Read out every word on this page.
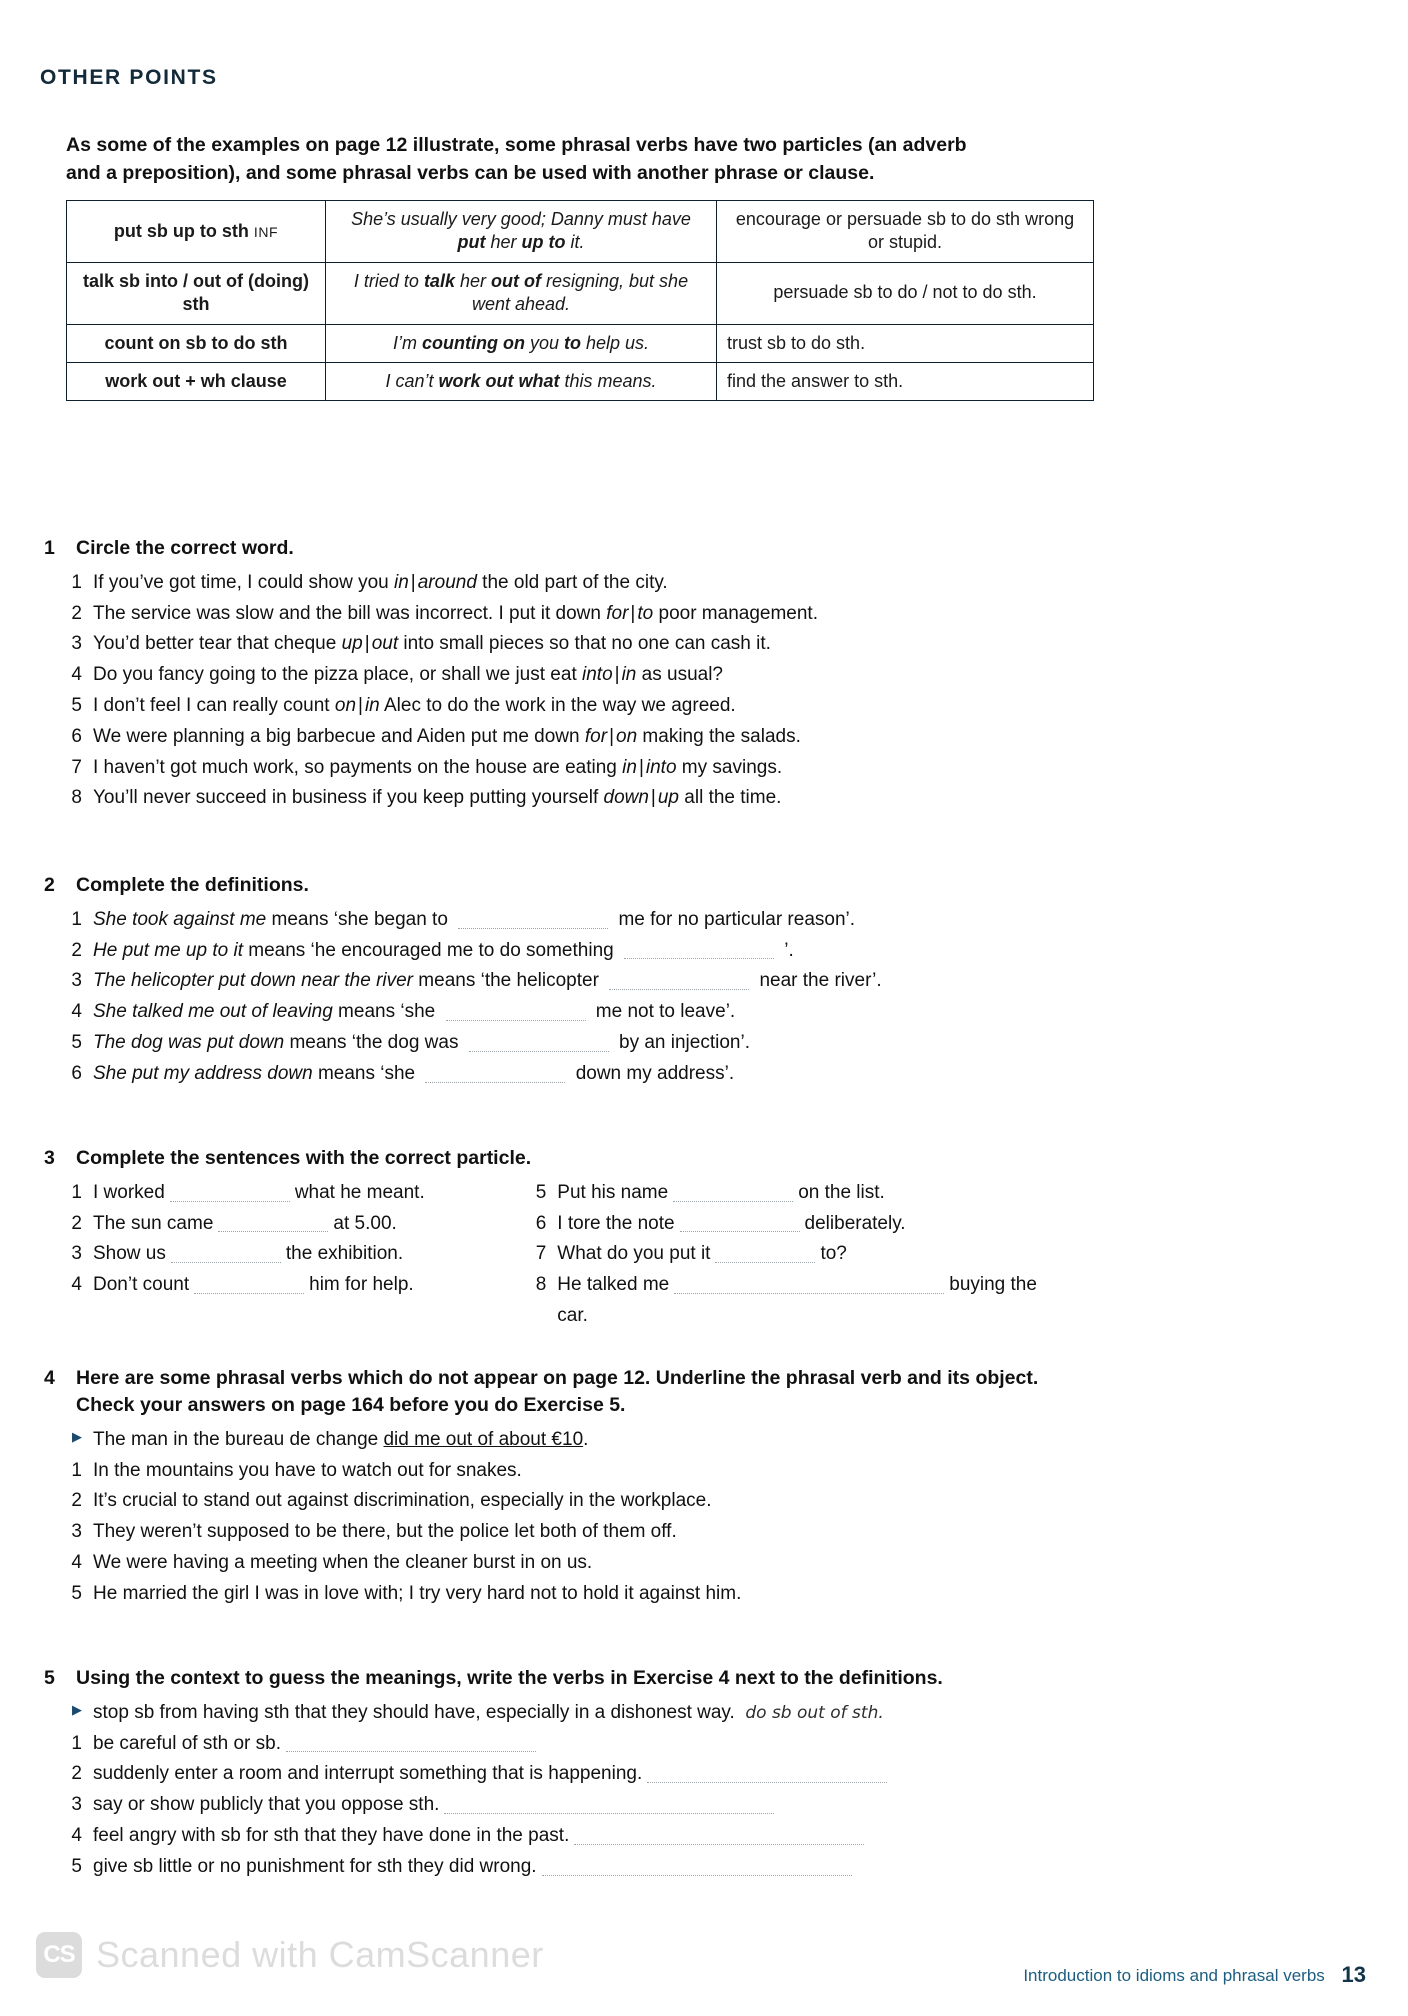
OTHER POINTS
As some of the examples on page 12 illustrate, some phrasal verbs have two particles (an adverb and a preposition), and some phrasal verbs can be used with another phrase or clause.
put sb up to sth INF	She’s usually very good; Danny must have put her up to it.	encourage or persuade sb to do sth wrong or stupid.
talk sb into / out of (doing) sth	I tried to talk her out of resigning, but she went ahead.	persuade sb to do / not to do sth.
count on sb to do sth	I’m counting on you to help us.	trust sb to do sth.
work out + wh clause	I can’t work out what this means.	find the answer to sth.
1	Circle the correct word.
1 If you’ve got time, I could show you in | around the old part of the city.
2 The service was slow and the bill was incorrect. I put it down for | to poor management.
3 You’d better tear that cheque up | out into small pieces so that no one can cash it.
4 Do you fancy going to the pizza place, or shall we just eat into | in as usual?
5 I don’t feel I can really count on | in Alec to do the work in the way we agreed.
6 We were planning a big barbecue and Aiden put me down for | on making the salads.
7 I haven’t got much work, so payments on the house are eating in | into my savings.
8 You’ll never succeed in business if you keep putting yourself down | up all the time.
2	Complete the definitions.
1 She took against me means ‘she began to	me for no particular reason’.
2 He put me up to it means ‘he encouraged me to do something	’.
3 The helicopter put down near the river means ‘the helicopter	near the river’.
4 She talked me out of leaving means ‘she	me not to leave’.
5 The dog was put down means ‘the dog was	by an injection’.
6 She put my address down means ‘she	down my address’.
3	Complete the sentences with the correct particle.
1 I worked	what he meant.
2 The sun came	at 5.00.
3 Show us	the exhibition.
4 Don’t count	him for help.
5 Put his name	on the list.
6 I tore the note	deliberately.
7 What do you put it	to?
8 He talked me	buying the car.
4	Here are some phrasal verbs which do not appear on page 12. Underline the phrasal verb and its object. Check your answers on page 164 before you do Exercise 5.
▶ The man in the bureau de change did me out of about €10.
1 In the mountains you have to watch out for snakes.
2 It’s crucial to stand out against discrimination, especially in the workplace.
3 They weren’t supposed to be there, but the police let both of them off.
4 We were having a meeting when the cleaner burst in on us.
5 He married the girl I was in love with; I try very hard not to hold it against him.
5	Using the context to guess the meanings, write the verbs in Exercise 4 next to the definitions.
▶ stop sb from having sth that they should have, especially in a dishonest way. do sb out of sth.
1 be careful of sth or sb.
2 suddenly enter a room and interrupt something that is happening.
3 say or show publicly that you oppose sth.
4 feel angry with sb for sth that they have done in the past.
5 give sb little or no punishment for sth they did wrong.
CS Scanned with CamScanner
Introduction to idioms and phrasal verbs 13
